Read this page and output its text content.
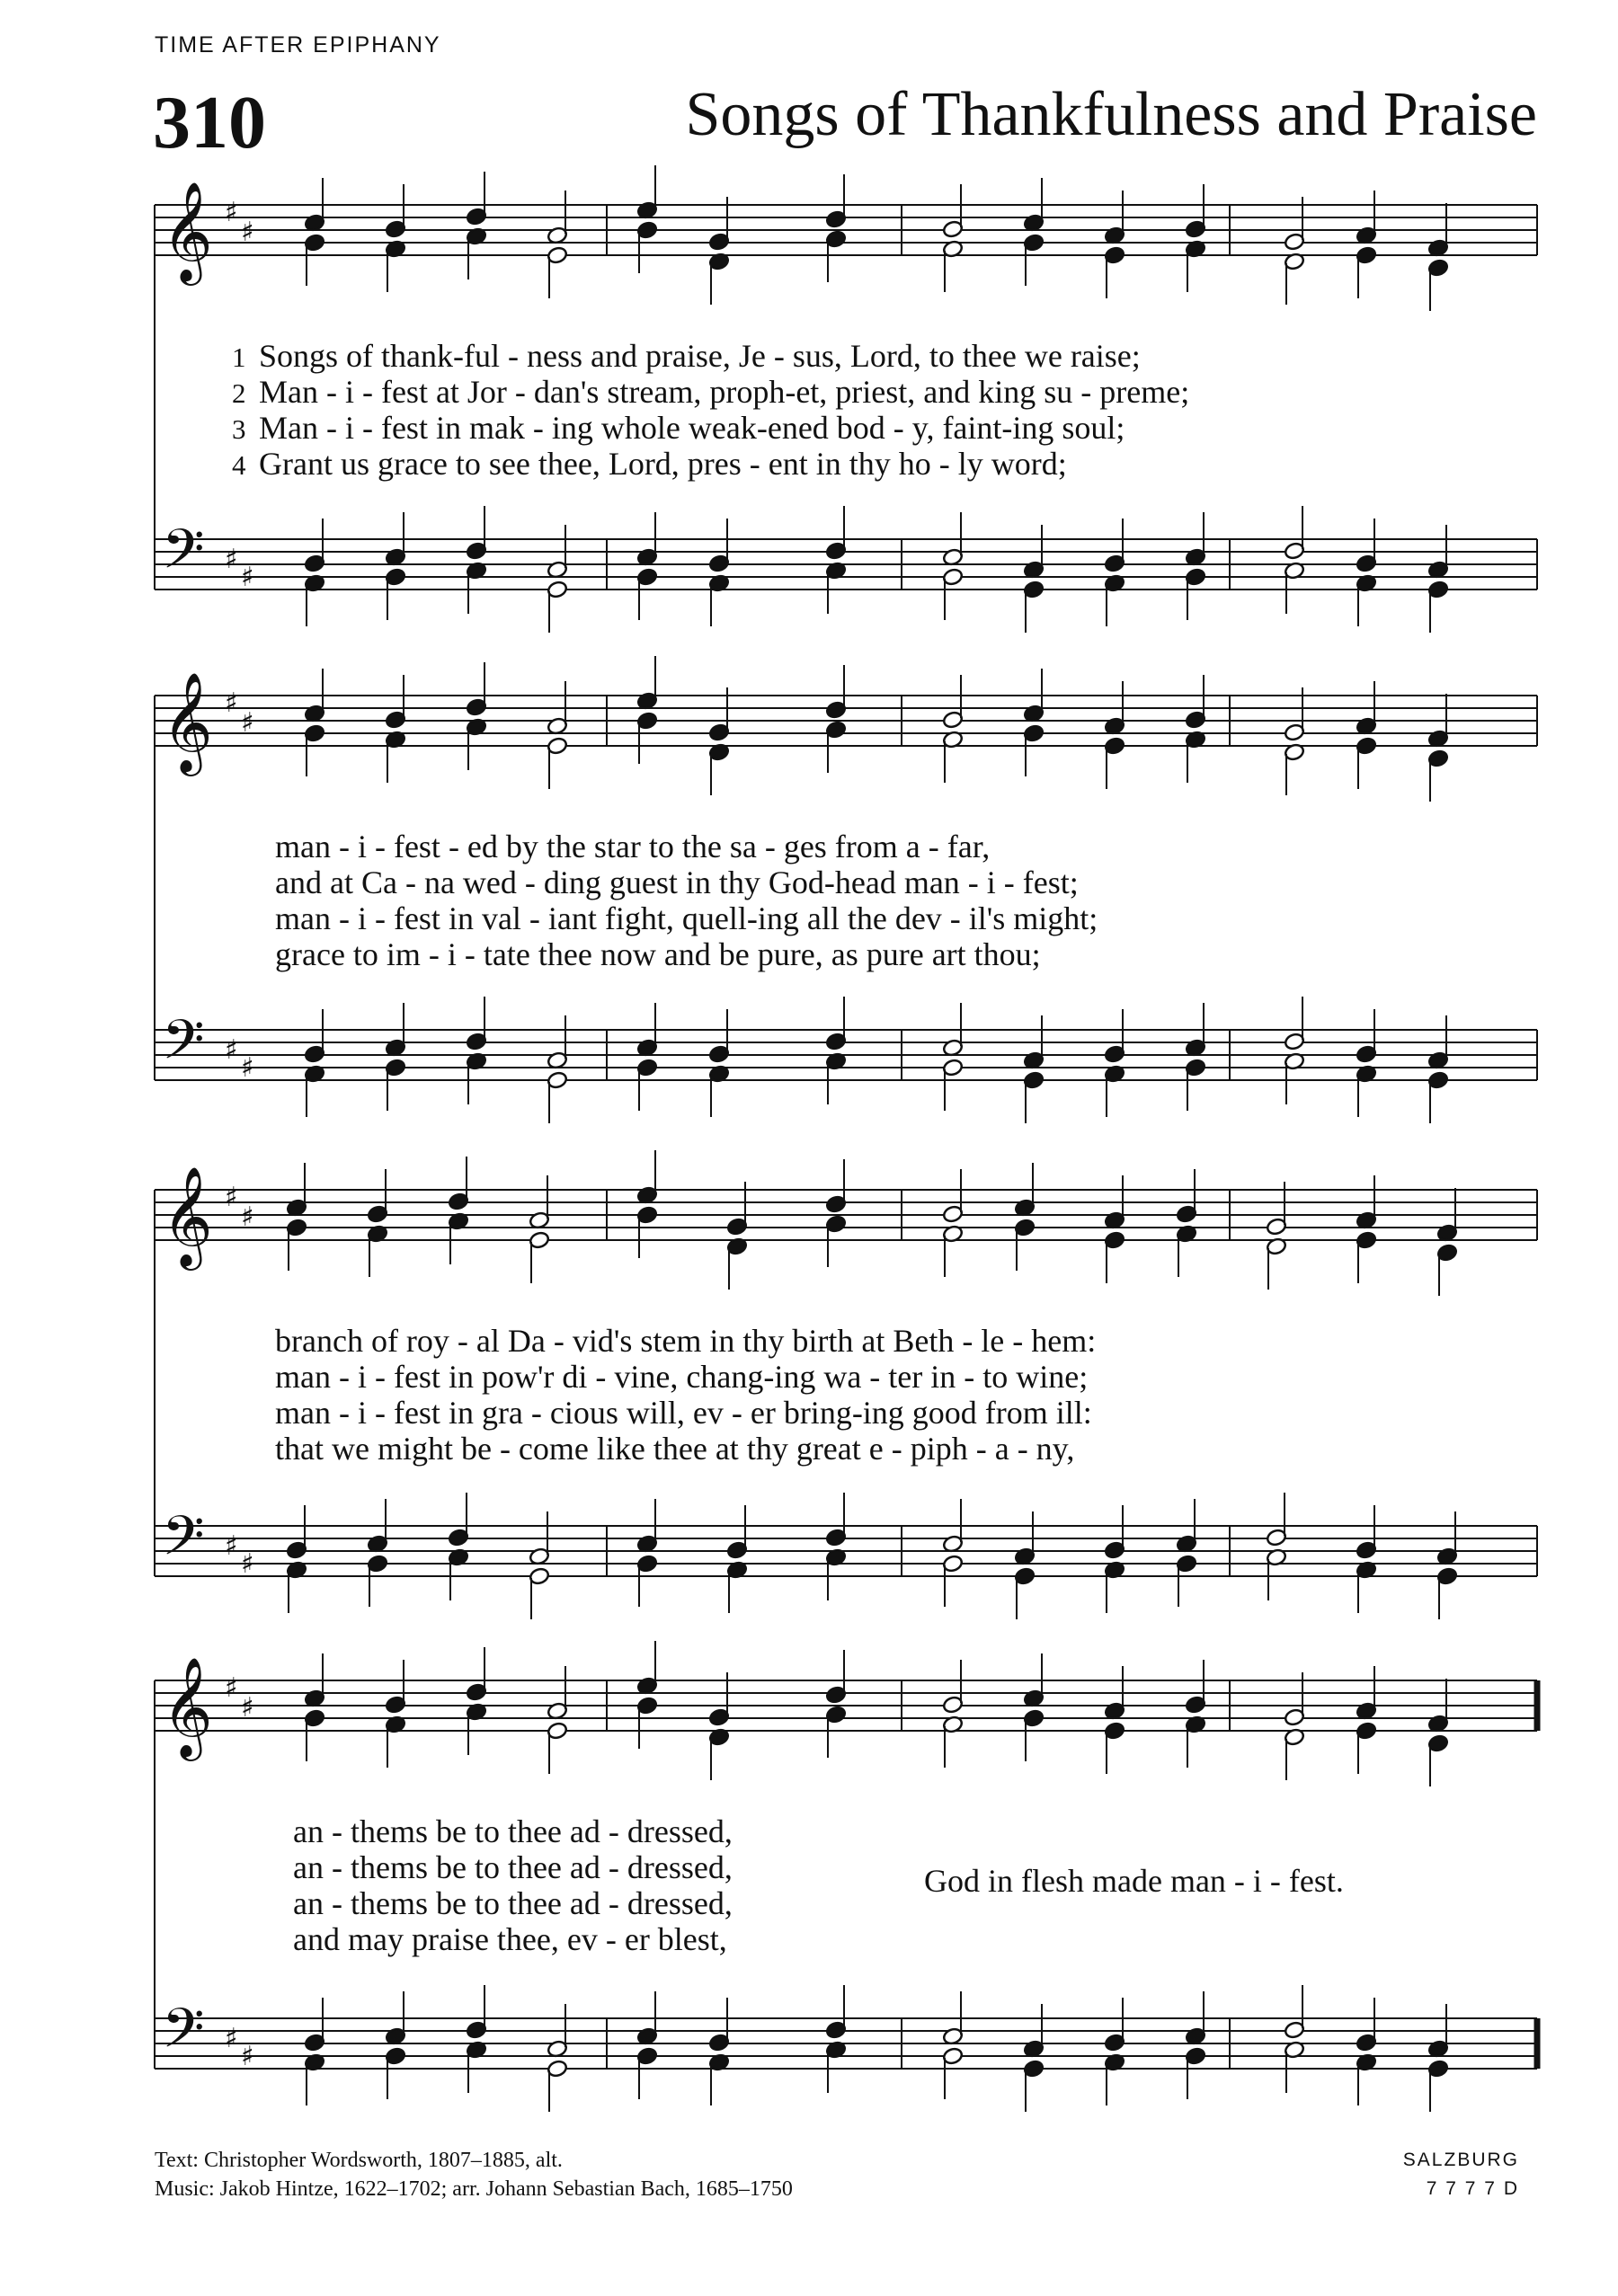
TIME AFTER EPIPHANY
310	Songs of Thankfulness and Praise
𝄞 ♯
♯
𝄢 ♯
♯
𝄞 ♯
♯
𝄢 ♯
♯
𝄞 ♯
♯
𝄢 ♯
♯
𝄞 ♯
♯
𝄢 ♯
♯
1 Songs of thank-ful - ness and praise, Je - sus, Lord, to thee we raise;
2 Man - i - fest at Jor - dan's stream, proph-et, priest, and king su - preme;
3 Man - i - fest in mak - ing whole weak-ened bod - y, faint-ing soul;
4 Grant us grace to see thee, Lord, pres - ent in thy ho - ly word;
man - i - fest - ed by the star to the sa - ges from a - far,
and at Ca - na wed - ding guest in thy God-head man - i - fest;
man - i - fest in val - iant fight, quell-ing all the dev - il's might;
grace to im - i - tate thee now and be pure, as pure art thou;
branch of roy - al Da - vid's stem in thy birth at Beth - le - hem:
man - i - fest in pow'r di - vine, chang-ing wa - ter in - to wine;
man - i - fest in gra - cious will, ev - er bring-ing good from ill:
that we might be - come like thee at thy great e - piph - a - ny,
an - thems be to thee ad - dressed,
an - thems be to thee ad - dressed,
an - thems be to thee ad - dressed,
and may praise thee, ev - er blest,
God in flesh made man - i - fest.
Text: Christopher Wordsworth, 1807–1885, alt.
Music: Jakob Hintze, 1622–1702; arr. Johann Sebastian Bach, 1685–1750
SALZBURG
7 7 7 7 D
